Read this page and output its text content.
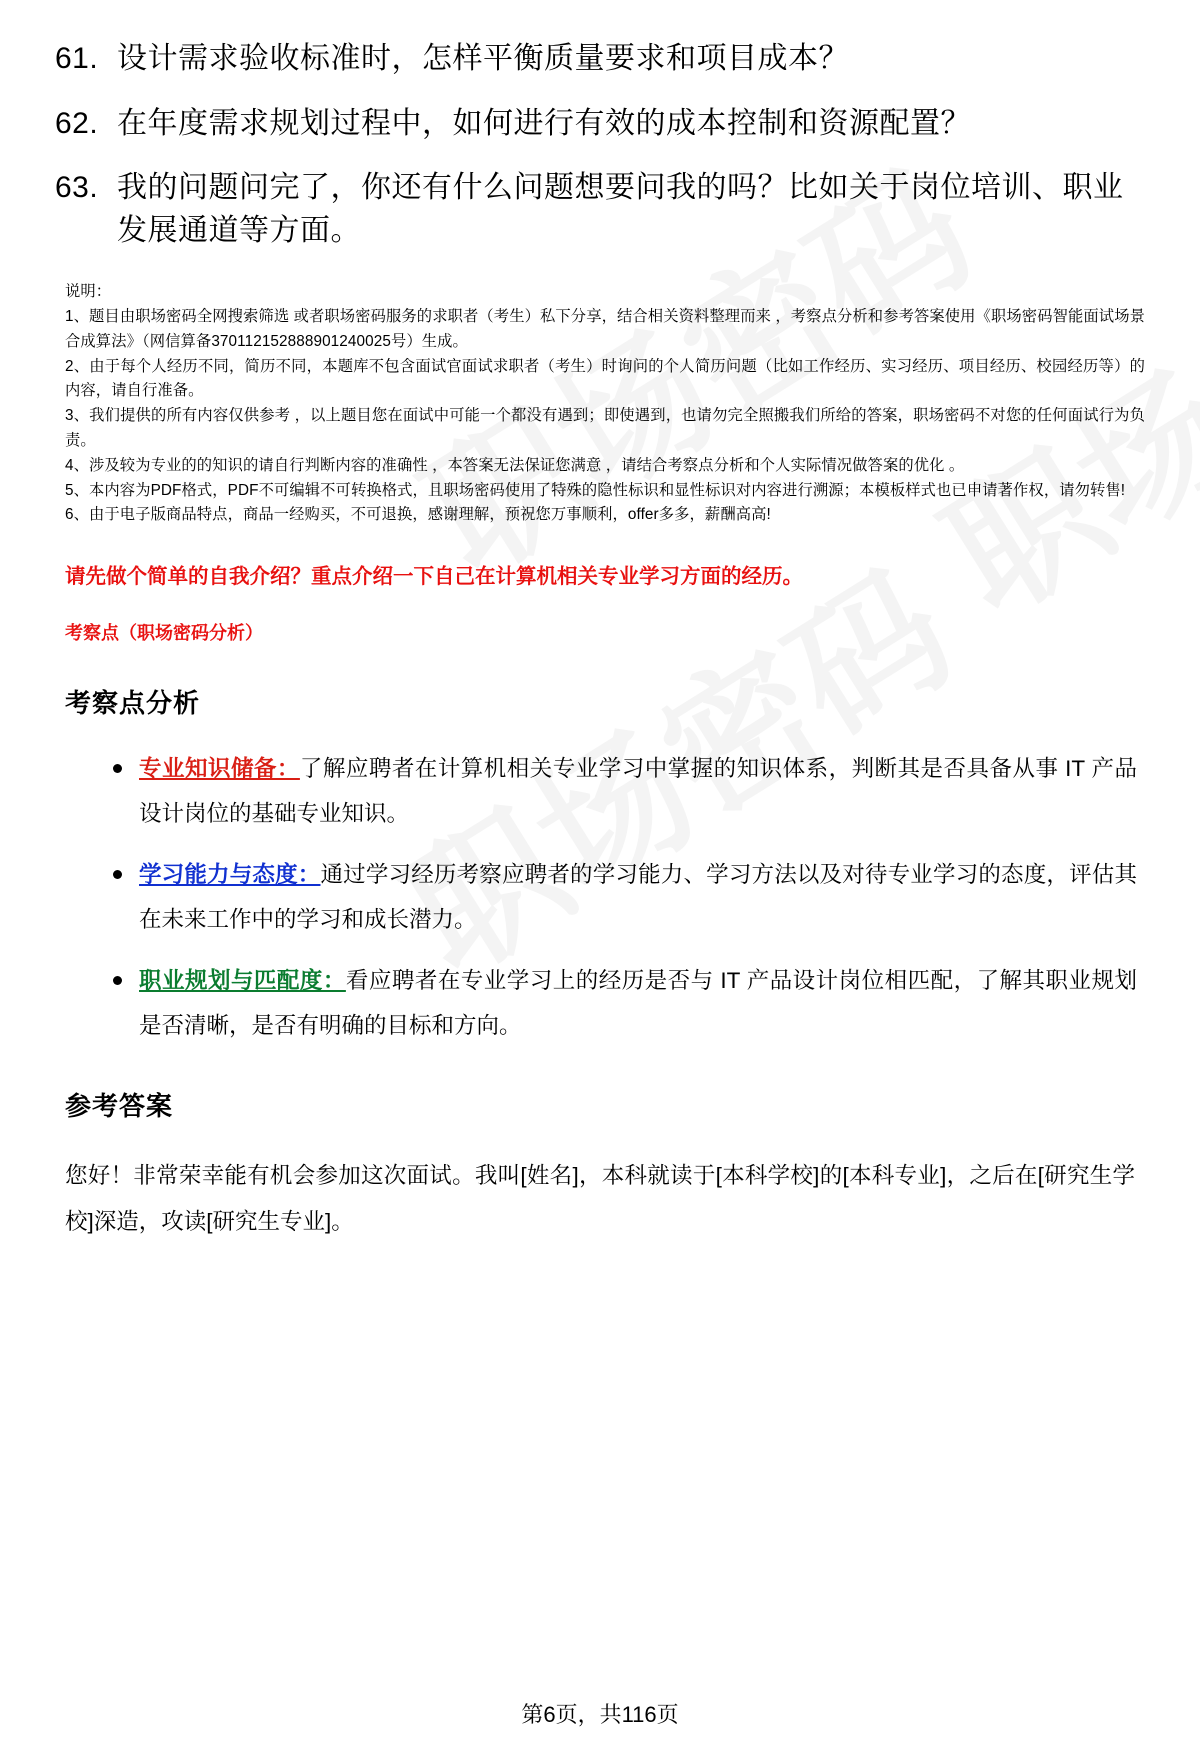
61. 设计需求验收标准时，怎样平衡质量要求和项目成本？
62. 在年度需求规划过程中，如何进行有效的成本控制和资源配置？
63. 我的问题问完了，你还有什么问题想要问我的吗？比如关于岗位培训、职业发展通道等方面。

说明：

1、题目由职场密码全网搜索筛选 或者职场密码服务的求职者（考生）私下分享，结合相关资料整理而来 ，考察点分析和参考答案使用《职场密码智能面试场景合成算法》（网信算备370112152888901240025号）生成。

2、由于每个人经历不同，简历不同，本题库不包含面试官面试求职者（考生）时询问的个人简历问题（比如工作经历、实习经历、项目经历、校园经历等）的内容，请自行准备。

3、我们提供的所有内容仅供参考 ，以上题目您在面试中可能一个都没有遇到；即使遇到，也请勿完全照搬我们所给的答案，职场密码不对您的任何面试行为负责。

4、涉及较为专业的的知识的请自行判断内容的准确性 ，本答案无法保证您满意 ，请结合考察点分析和个人实际情况做答案的优化 。

5、本内容为PDF格式，PDF不可编辑不可转换格式，且职场密码使用了特殊的隐性标识和显性标识对内容进行溯源；本模板样式也已申请著作权，请勿转售!

6、由于电子版商品特点，商品一经购买，不可退换，感谢理解，预祝您万事顺利，offer多多，薪酬高高!

请先做个简单的自我介绍？重点介绍一下自己在计算机相关专业学习方面的经历。
考察点（职场密码分析）
考察点分析
专业知识储备：了解应聘者在计算机相关专业学习中掌握的知识体系，判断其是否具备从事 IT 产品设计岗位的基础专业知识。
学习能力与态度：通过学习经历考察应聘者的学习能力、学习方法以及对待专业学习的态度，评估其在未来工作中的学习和成长潜力。
职业规划与匹配度：看应聘者在专业学习上的经历是否与 IT 产品设计岗位相匹配，了解其职业规划是否清晰，是否有明确的目标和方向。
参考答案
您好！非常荣幸能有机会参加这次面试。我叫[姓名]，本科就读于[本科学校]的[本科专业]，之后在[研究生学校]深造，攻读[研究生专业]。
第6页，共116页
